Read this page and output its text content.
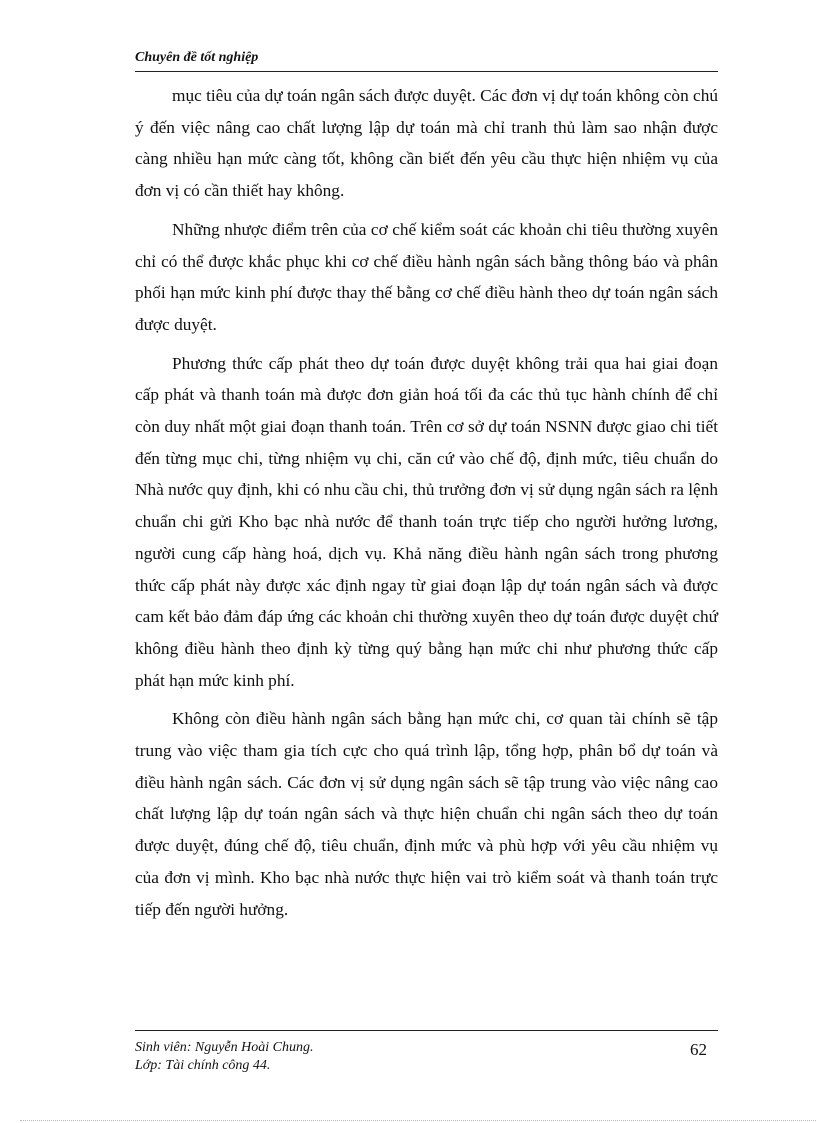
Chuyên đề tốt nghiệp

mục tiêu của dự toán ngân sách được duyệt. Các đơn vị dự toán không còn chú ý đến việc nâng cao chất lượng lập dự toán mà chỉ tranh thủ làm sao nhận được càng nhiều hạn mức càng tốt, không cần biết đến yêu cầu thực hiện nhiệm vụ của đơn vị có cần thiết hay không.

Những nhược điểm trên của cơ chế kiểm soát các khoản chi tiêu thường xuyên chỉ có thể được khắc phục khi cơ chế điều hành ngân sách bằng thông báo và phân phối hạn mức kinh phí được thay thế bằng cơ chế điều hành theo dự toán ngân sách được duyệt.

Phương thức cấp phát theo dự toán được duyệt không trải qua hai giai đoạn cấp phát và thanh toán mà được đơn giản hoá tối đa các thủ tục hành chính để chỉ còn duy nhất một giai đoạn thanh toán. Trên cơ sở dự toán NSNN được giao chi tiết đến từng mục chi, từng nhiệm vụ chi, căn cứ vào chế độ, định mức, tiêu chuẩn do Nhà nước quy định, khi có nhu cầu chi, thủ trưởng đơn vị sử dụng ngân sách ra lệnh chuẩn chi gửi Kho bạc nhà nước để thanh toán trực tiếp cho người hưởng lương, người cung cấp hàng hoá, dịch vụ. Khả năng điều hành ngân sách trong phương thức cấp phát này được xác định ngay từ giai đoạn lập dự toán ngân sách và được cam kết bảo đảm đáp ứng các khoản chi thường xuyên theo dự toán được duyệt chứ không điều hành theo định kỳ từng quý bằng hạn mức chi như phương thức cấp phát hạn mức kinh phí.

Không còn điều hành ngân sách bằng hạn mức chi, cơ quan tài chính sẽ tập trung vào việc tham gia tích cực cho quá trình lập, tổng hợp, phân bổ dự toán và điều hành ngân sách. Các đơn vị sử dụng ngân sách sẽ tập trung vào việc nâng cao chất lượng lập dự toán ngân sách và thực hiện chuẩn chi ngân sách theo dự toán được duyệt, đúng chế độ, tiêu chuẩn, định mức và phù hợp với yêu cầu nhiệm vụ của đơn vị mình. Kho bạc nhà nước thực hiện vai trò kiểm soát và thanh toán trực tiếp đến người hưởng.

Sinh viên: Nguyễn Hoài Chung.
Lớp: Tài chính công 44.
62
